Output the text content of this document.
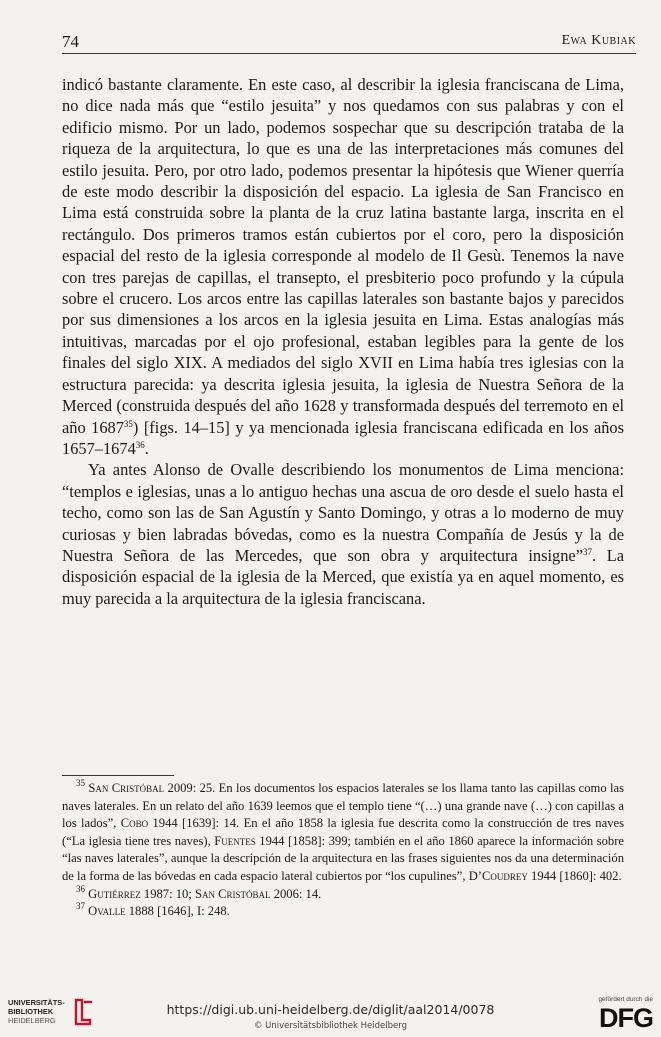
74	Ewa Kubiak

indicó bastante claramente. En este caso, al describir la iglesia franciscana de Lima, no dice nada más que “estilo jesuita” y nos quedamos con sus palabras y con el edificio mismo. Por un lado, podemos sospechar que su descripción trataba de la riqueza de la arquitectura, lo que es una de las interpretaciones más comunes del estilo jesuita. Pero, por otro lado, podemos presentar la hipótesis que Wiener querría de este modo describir la disposición del espacio. La iglesia de San Francisco en Lima está construida sobre la planta de la cruz latina bastante larga, inscrita en el rectángulo. Dos primeros tramos están cubiertos por el coro, pero la disposición espacial del resto de la iglesia corresponde al modelo de Il Gesù. Tenemos la nave con tres parejas de capillas, el transepto, el presbiterio poco profundo y la cúpula sobre el crucero. Los arcos entre las capillas laterales son bastante bajos y parecidos por sus dimensiones a los arcos en la iglesia jesuita en Lima. Estas analogías más intuitivas, marcadas por el ojo profesional, estaban legibles para la gente de los finales del siglo XIX. A mediados del siglo XVII en Lima había tres iglesias con la estructura parecida: ya descrita iglesia jesuita, la iglesia de Nuestra Señora de la Merced (construida después del año 1628 y transformada después del terremoto en el año 1687$^{35}$) [figs. 14–15] y ya mencionada iglesia franciscana edificada en los años 1657–1674$^{36}$.

Ya antes Alonso de Ovalle describiendo los monumentos de Lima menciona: “templos e iglesias, unas a lo antiguo hechas una ascua de oro desde el suelo hasta el techo, como son las de San Agustín y Santo Domingo, y otras a lo moderno de muy curiosas y bien labradas bóvedas, como es la nuestra Compañía de Jesús y la de Nuestra Señora de las Mercedes, que son obra y arquitectura insigne”$^{37}$. La disposición espacial de la iglesia de la Merced, que existía ya en aquel momento, es muy parecida a la arquitectura de la iglesia franciscana.

$^{35}$ San Cristóbal 2009: 25. En los documentos los espacios laterales se los llama tanto las capillas como las naves laterales. En un relato del año 1639 leemos que el templo tiene “(…) una grande nave (…) con capillas a los lados”, Cobo 1944 [1639]: 14. En el año 1858 la iglesia fue descrita como la construcción de tres naves (“La iglesia tiene tres naves), Fuentes 1944 [1858]: 399; también en el año 1860 aparece la información sobre “las naves laterales”, aunque la descripción de la arquitectura en las frases siguientes nos da una determinación de la forma de las bóvedas en cada espacio lateral cubiertos por “los cupulines”, D’Coudrey 1944 [1860]: 402.

$^{36}$ Gutiérrez 1987: 10; San Cristóbal 2006: 14.

$^{37}$ Ovalle 1888 [1646], I: 248.

UNIVERSITÄTS-
BIBLIOTHEK
HEIDELBERG
https://digi.ub.uni-heidelberg.de/diglit/aal2014/0078
© Universitätsbibliothek Heidelberg
gefördert durch die
DFG
